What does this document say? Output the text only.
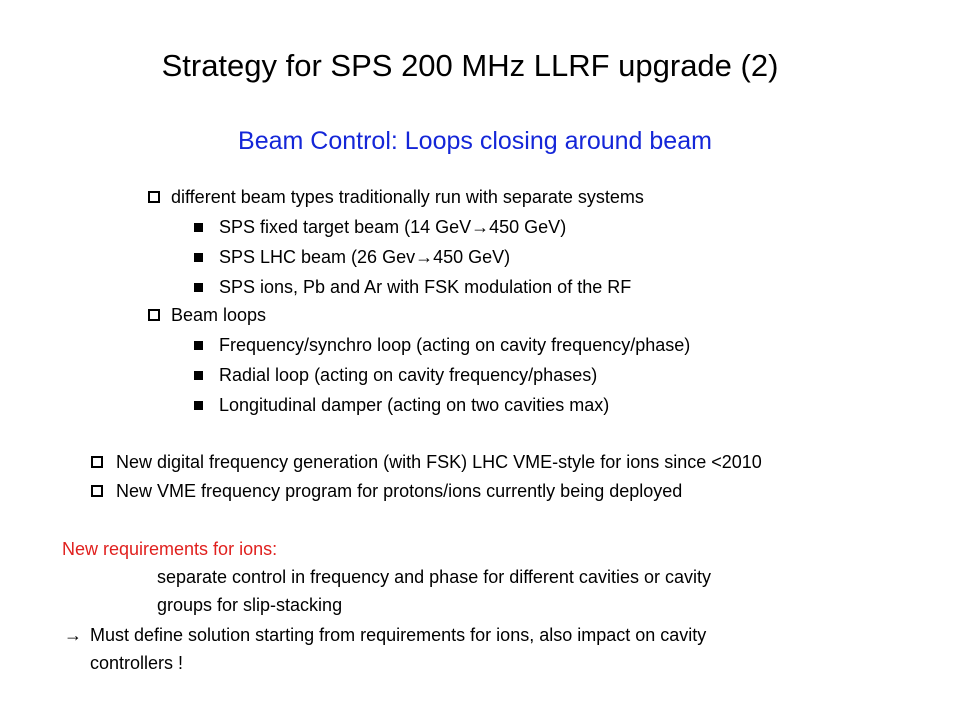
Strategy for SPS 200 MHz LLRF upgrade (2)
Beam Control: Loops closing around beam
different beam types traditionally run with separate systems
SPS fixed target beam (14 GeV→450 GeV)
SPS LHC beam (26 Gev→450 GeV)
SPS ions, Pb and Ar with FSK modulation of the RF
Beam loops
Frequency/synchro loop (acting on cavity frequency/phase)
Radial loop (acting on cavity frequency/phases)
Longitudinal damper (acting on two cavities max)
New digital frequency generation (with FSK) LHC VME-style for ions since <2010
New VME frequency program for protons/ions currently being deployed
New requirements for ions:
separate control in frequency and phase for different cavities or cavity
groups for slip-stacking
→ Must define solution starting from requirements for ions, also impact on cavity
controllers !
